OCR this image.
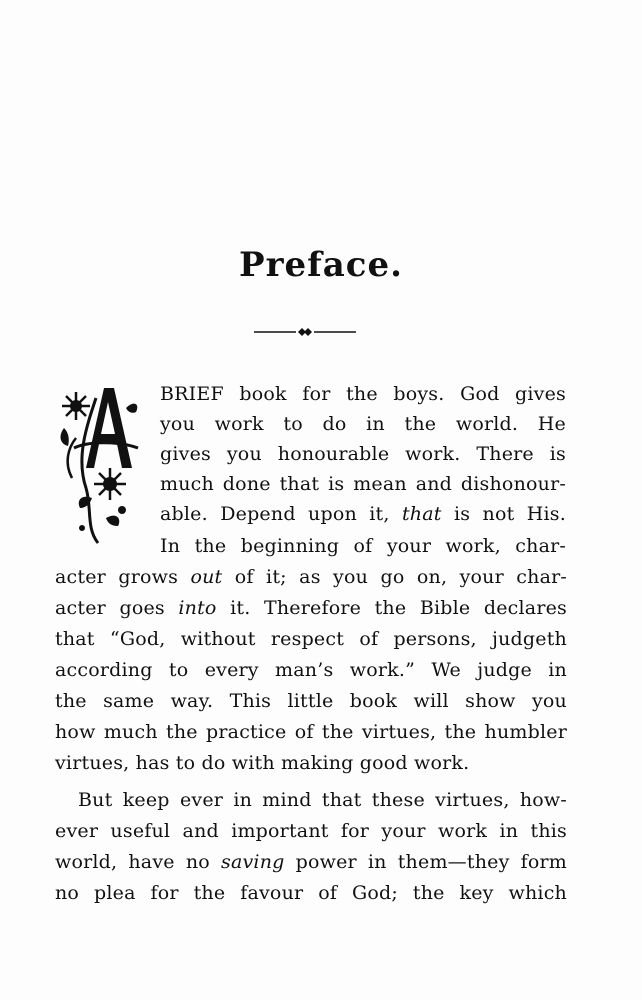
Preface.
BRIEF book for the boys. God gives
you work to do in the world. He
gives you honourable work. There is
much done that is mean and dishonour-
able. Depend upon it, that is not His.
In the beginning of your work, char-
acter grows out of it; as you go on, your char-
acter goes into it. Therefore the Bible declares
that “God, without respect of persons, judgeth
according to every man’s work.” We judge in
the same way. This little book will show you
how much the practice of the virtues, the humbler
virtues, has to do with making good work.
But keep ever in mind that these virtues, how-
ever useful and important for your work in this
world, have no saving power in them—they form
no plea for the favour of God; the key which
